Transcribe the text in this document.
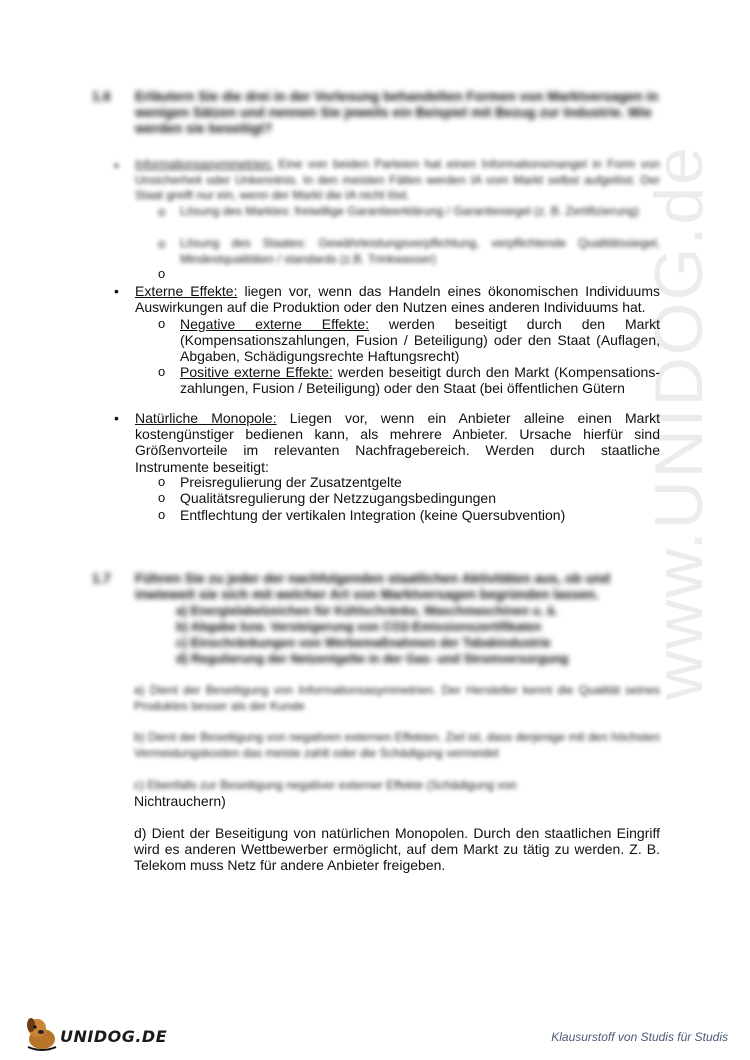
www.UNIDOG.de
1.6 Erläutern Sie die drei in der Vorlesung behandelten Formen von Marktversagen in wenigen Sätzen und nennen Sie jeweils ein Beispiel mit Bezug zur Industrie. Wie werden sie beseitigt?
• Informationsasymmetrien: Eine von beiden Parteien hat einen Informationsmangel in Form von Unsicherheit oder Unkenntnis. In den meisten Fällen werden IA vom Markt selbst aufgelöst. Der Staat greift nur ein, wenn der Markt die IA nicht löst.
o Lösung des Marktes: freiwillige Garantieerklärung / Garantiesiegel (z. B. Zertifizierung)
o Lösung des Staates: Gewährleistungsverpflichtung, verpflichtende Qualitätssiegel, Mindestqualitäten / standards (z.B. Trinkwasser)
o
• Externe Effekte: liegen vor, wenn das Handeln eines ökonomischen Individuums Auswirkungen auf die Produktion oder den Nutzen eines anderen Individuums hat.
o Negative externe Effekte: werden beseitigt durch den Markt (Kompensationszahlungen, Fusion / Beteiligung) oder den Staat (Auflagen, Abgaben, Schädigungsrechte Haftungsrecht)
o Positive externe Effekte: werden beseitigt durch den Markt (Kompensations-zahlungen, Fusion / Beteiligung) oder den Staat (bei öffentlichen Gütern
• Natürliche Monopole: Liegen vor, wenn ein Anbieter alleine einen Markt kostengünstiger bedienen kann, als mehrere Anbieter. Ursache hierfür sind Größenvorteile im relevanten Nachfragebereich. Werden durch staatliche Instrumente beseitigt:
o Preisregulierung der Zusatzentgelte
o Qualitätsregulierung der Netzzugangsbedingungen
o Entflechtung der vertikalen Integration (keine Quersubvention)
1.7 Führen Sie zu jeder der nachfolgenden staatlichen Aktivitäten aus, ob und inwieweit sie sich mit welcher Art von Marktversagen begründen lassen.
a) Energielabelzeichen für Kühlschränke, Waschmaschinen u. ä.
b) Abgabe bzw. Versteigerung von CO2-Emissionszertifikaten
c) Einschränkungen von Werbemaßnahmen der Tabakindustrie
d) Regulierung der Netzentgelte in der Gas- und Stromversorgung
a) Dient der Beseitigung von Informationsasymmetrien. Der Hersteller kennt die Qualität seines Produktes besser als der Kunde
b) Dient der Beseitigung von negativen externen Effekten. Ziel ist, dass derjenige mit den höchsten Vermeidungskosten das meiste zahlt oder die Schädigung vermeidet
c) Ebenfalls zur Beseitigung negativer externer Effekte (Schädigung von
Nichtrauchern)
d) Dient der Beseitigung von natürlichen Monopolen. Durch den staatlichen Eingriff wird es anderen Wettbewerber ermöglicht, auf dem Markt zu tätig zu werden. Z. B. Telekom muss Netz für andere Anbieter freigeben.
UNIDOG.DE	Klausurstoff von Studis für Studis
